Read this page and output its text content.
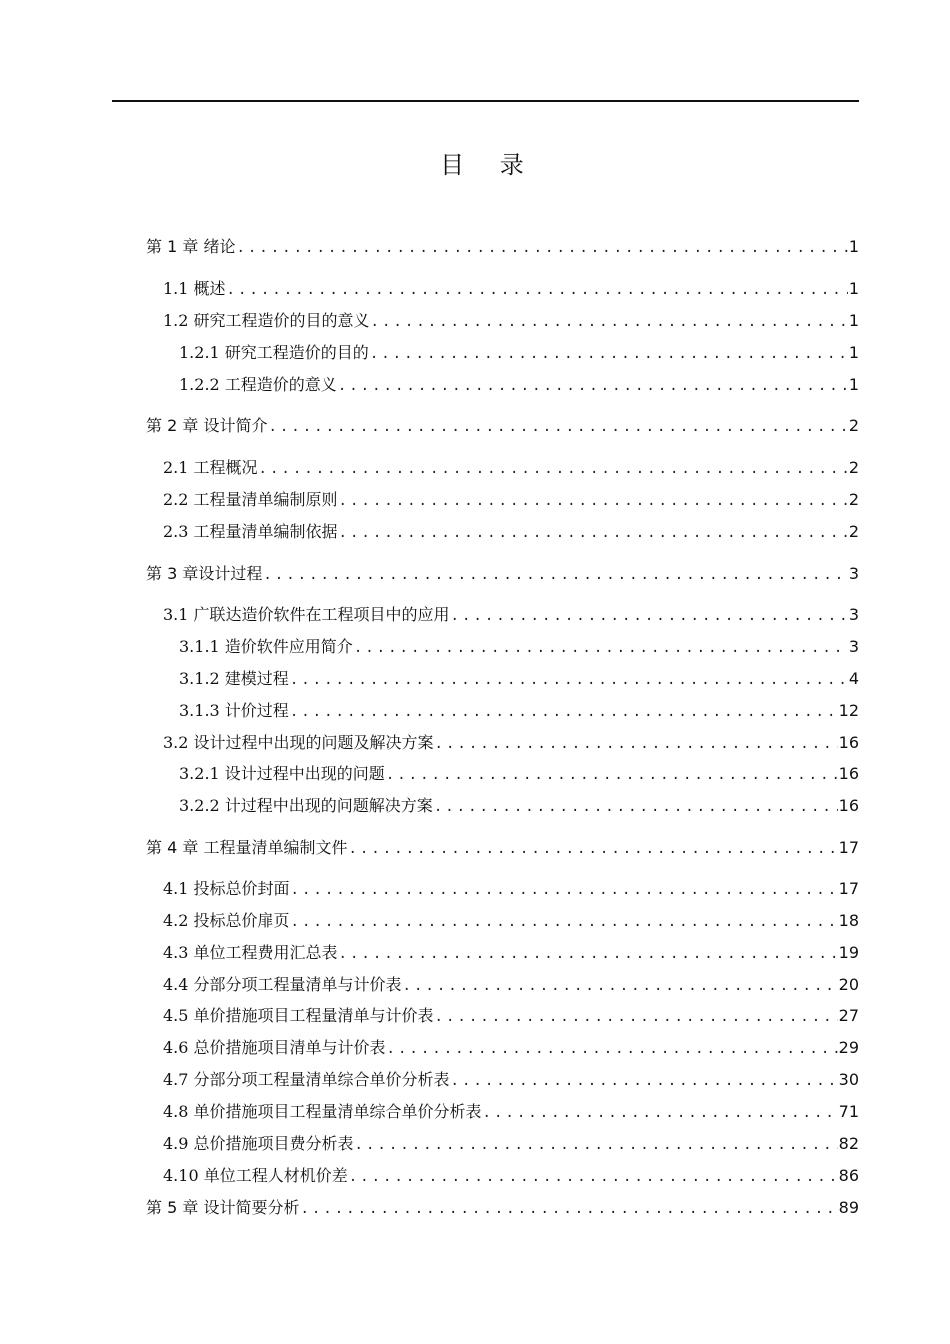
目 录
第 1 章 绪论 .....	1
1.1 概述 .....	1
1.2 研究工程造价的目的意义 .....	1
1.2.1 研究工程造价的目的 .....	1
1.2.2 工程造价的意义 .....	1
第 2 章 设计简介 .....	2
2.1 工程概况 .....	2
2.2 工程量清单编制原则 .....	2
2.3 工程量清单编制依据 .....	2
第 3 章设计过程 .....	3
3.1 广联达造价软件在工程项目中的应用 .....	3
3.1.1 造价软件应用简介 .....	3
3.1.2 建模过程 .....	4
3.1.3 计价过程 .....	12
3.2 设计过程中出现的问题及解决方案 .....	16
3.2.1 设计过程中出现的问题 .....	16
3.2.2 计过程中出现的问题解决方案 .....	16
第 4 章 工程量清单编制文件 .....	17
4.1 投标总价封面 .....	17
4.2 投标总价扉页 .....	18
4.3 单位工程费用汇总表 .....	19
4.4 分部分项工程量清单与计价表 .....	20
4.5 单价措施项目工程量清单与计价表 .....	27
4.6 总价措施项目清单与计价表 .....	29
4.7 分部分项工程量清单综合单价分析表 .....	30
4.8 单价措施项目工程量清单综合单价分析表 .....	71
4.9 总价措施项目费分析表 .....	82
4.10 单位工程人材机价差 .....	86
第 5 章 设计简要分析 .....	89
